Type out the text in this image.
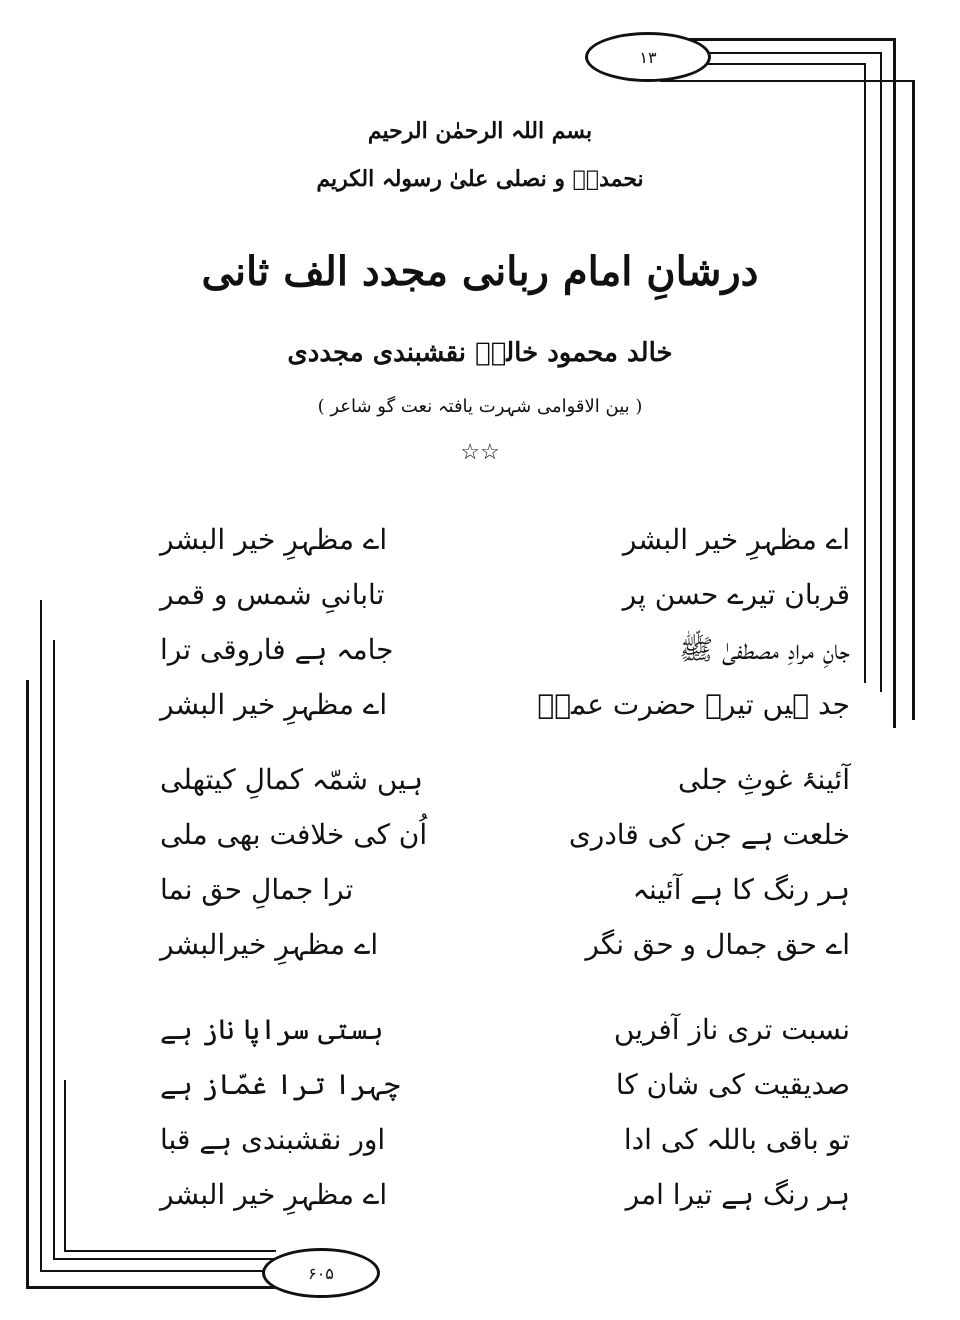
۱۳
بسم اللہ الرحمٰن الرحیم
نحمدہٗ و نصلی علیٰ رسولہ الکریم
درشانِ امام ربانی مجدد الف ثانی
خالد محمود خالدؔ نقشبندی مجددی
( بین الاقوامی شہرت یافتہ نعت گو شاعر )
☆☆
اے مظہرِ خیر البشر
اے مظہرِ خیر البشر
قربان تیرے حسن پر
تابانیِ شمس و قمر
جانِ مرادِ مصطفیٰ ﷺ
جامہ ہے فاروقی ترا
جد ہیں تیرے حضرت عمرؓ
اے مظہرِ خیر البشر
آئینۂ غوثِ جلی
ہیں شمّہ کمالِ کیتھلی
خلعت ہے جن کی قادری
اُن کی خلافت بھی ملی
ہر رنگ کا ہے آئینہ
ترا جمالِ حق نما
اے حق جمال و حق نگر
اے مظہرِ خیرالبشر
نسبت تری ناز آفریں
ہستی سراپا ناز ہے
صدیقیت کی شان کا
چہرا ترا غمّاز ہے
تو باقی باللہ کی ادا
اور نقشبندی ہے قبا
ہر رنگ ہے تیرا امر
اے مظہرِ خیر البشر
۶۰۵
